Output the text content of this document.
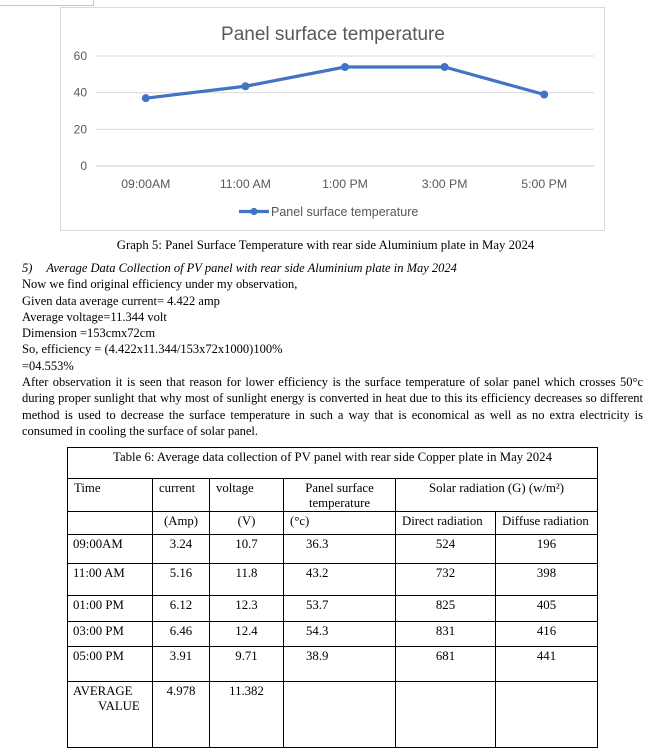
Panel surface temperature
0
20
40
60
09:00AM	11:00 AM	1:00 PM	3:00 PM	5:00 PM
Panel surface temperature
Graph 5: Panel Surface Temperature with rear side Aluminium plate in May 2024
5) Average Data Collection of PV panel with rear side Aluminium plate in May 2024
Now we find original efficiency under my observation,
Given data average current= 4.422 amp
Average voltage=11.344 volt
Dimension =153cmx72cm
So, efficiency = (4.422x11.344/153x72x1000)100%
=04.553%
After observation it is seen that reason for lower efficiency is the surface temperature of solar panel which crosses 50°c during proper sunlight that why most of sunlight energy is converted in heat due to this its efficiency decreases so different method is used to decrease the surface temperature in such a way that is economical as well as no extra electricity is consumed in cooling the surface of solar panel.
Table 6: Average data collection of PV panel with rear side Copper plate in May 2024					
Time	current	voltage	Panel surface temperature	Solar radiation (G) (w/m²)	
	(Amp)	(V)	(°c)	Direct radiation	Diffuse radiation
09:00AM	3.24	10.7	36.3	524	196
11:00 AM	5.16	11.8	43.2	732	398
01:00 PM	6.12	12.3	53.7	825	405
03:00 PM	6.46	12.4	54.3	831	416
05:00 PM	3.91	9.71	38.9	681	441
AVERAGE VALUE	4.978	11.382			
